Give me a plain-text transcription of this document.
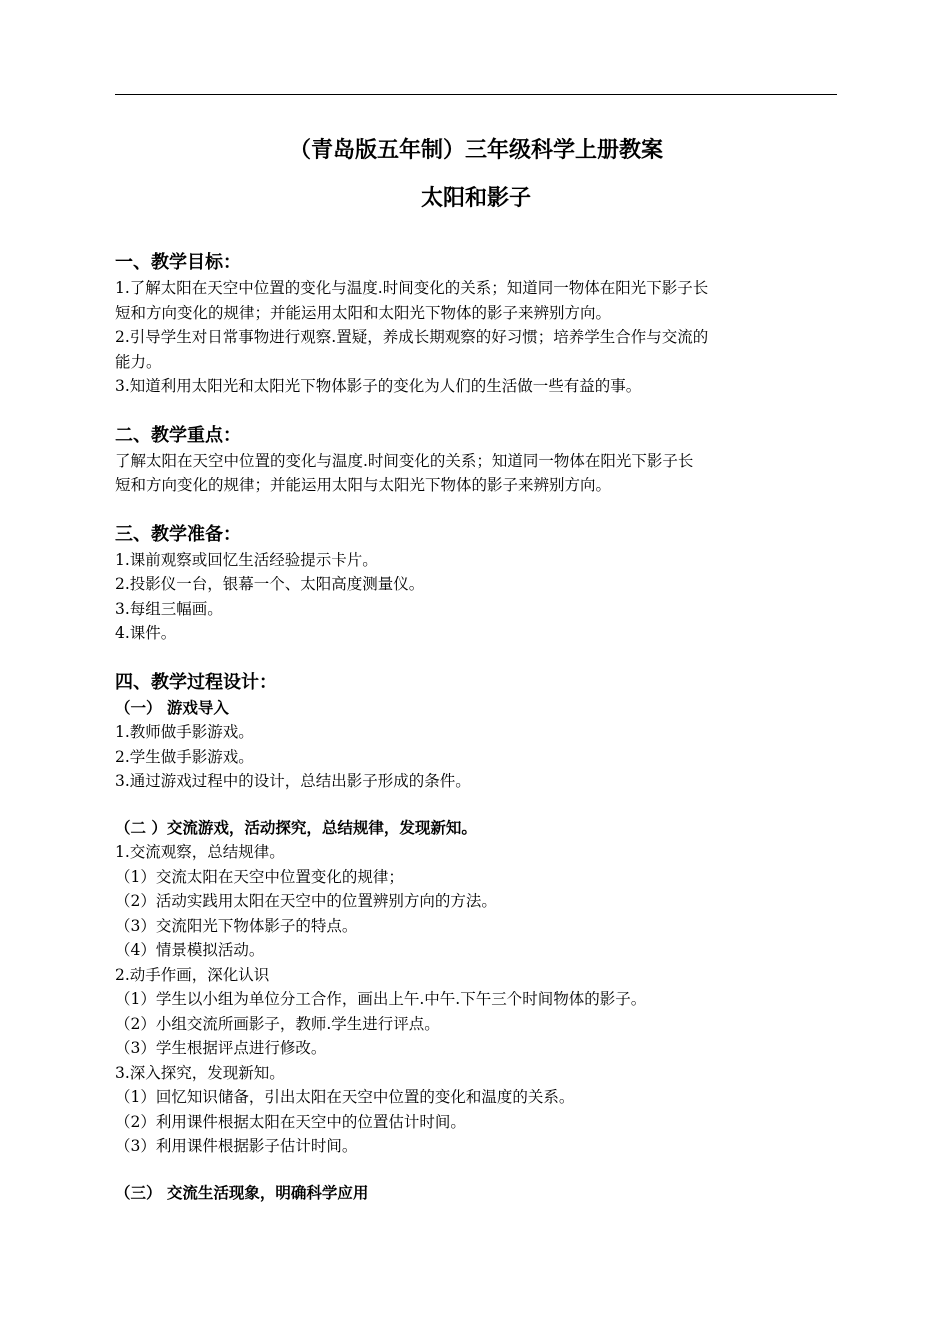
（青岛版五年制）三年级科学上册教案
太阳和影子

一、教学目标：

1.了解太阳在天空中位置的变化与温度.时间变化的关系；知道同一物体在阳光下影子长

短和方向变化的规律；并能运用太阳和太阳光下物体的影子来辨别方向。

2.引导学生对日常事物进行观察.置疑，养成长期观察的好习惯；培养学生合作与交流的

能力。

3.知道利用太阳光和太阳光下物体影子的变化为人们的生活做一些有益的事。

二、教学重点：

了解太阳在天空中位置的变化与温度.时间变化的关系；知道同一物体在阳光下影子长

短和方向变化的规律；并能运用太阳与太阳光下物体的影子来辨别方向。

三、教学准备：

1.课前观察或回忆生活经验提示卡片。

2.投影仪一台，银幕一个、太阳高度测量仪。

3.每组三幅画。

4.课件。

四、教学过程设计：

（一） 游戏导入

1.教师做手影游戏。

2.学生做手影游戏。

3.通过游戏过程中的设计，总结出影子形成的条件。

（二 ）交流游戏，活动探究，总结规律，发现新知。

1.交流观察，总结规律。

（1）交流太阳在天空中位置变化的规律；

（2）活动实践用太阳在天空中的位置辨别方向的方法。

（3）交流阳光下物体影子的特点。

（4）情景模拟活动。

2.动手作画，深化认识

（1）学生以小组为单位分工合作，画出上午.中午.下午三个时间物体的影子。

（2）小组交流所画影子，教师.学生进行评点。

（3）学生根据评点进行修改。

3.深入探究，发现新知。

（1）回忆知识储备，引出太阳在天空中位置的变化和温度的关系。

（2）利用课件根据太阳在天空中的位置估计时间。

（3）利用课件根据影子估计时间。

（三） 交流生活现象，明确科学应用
